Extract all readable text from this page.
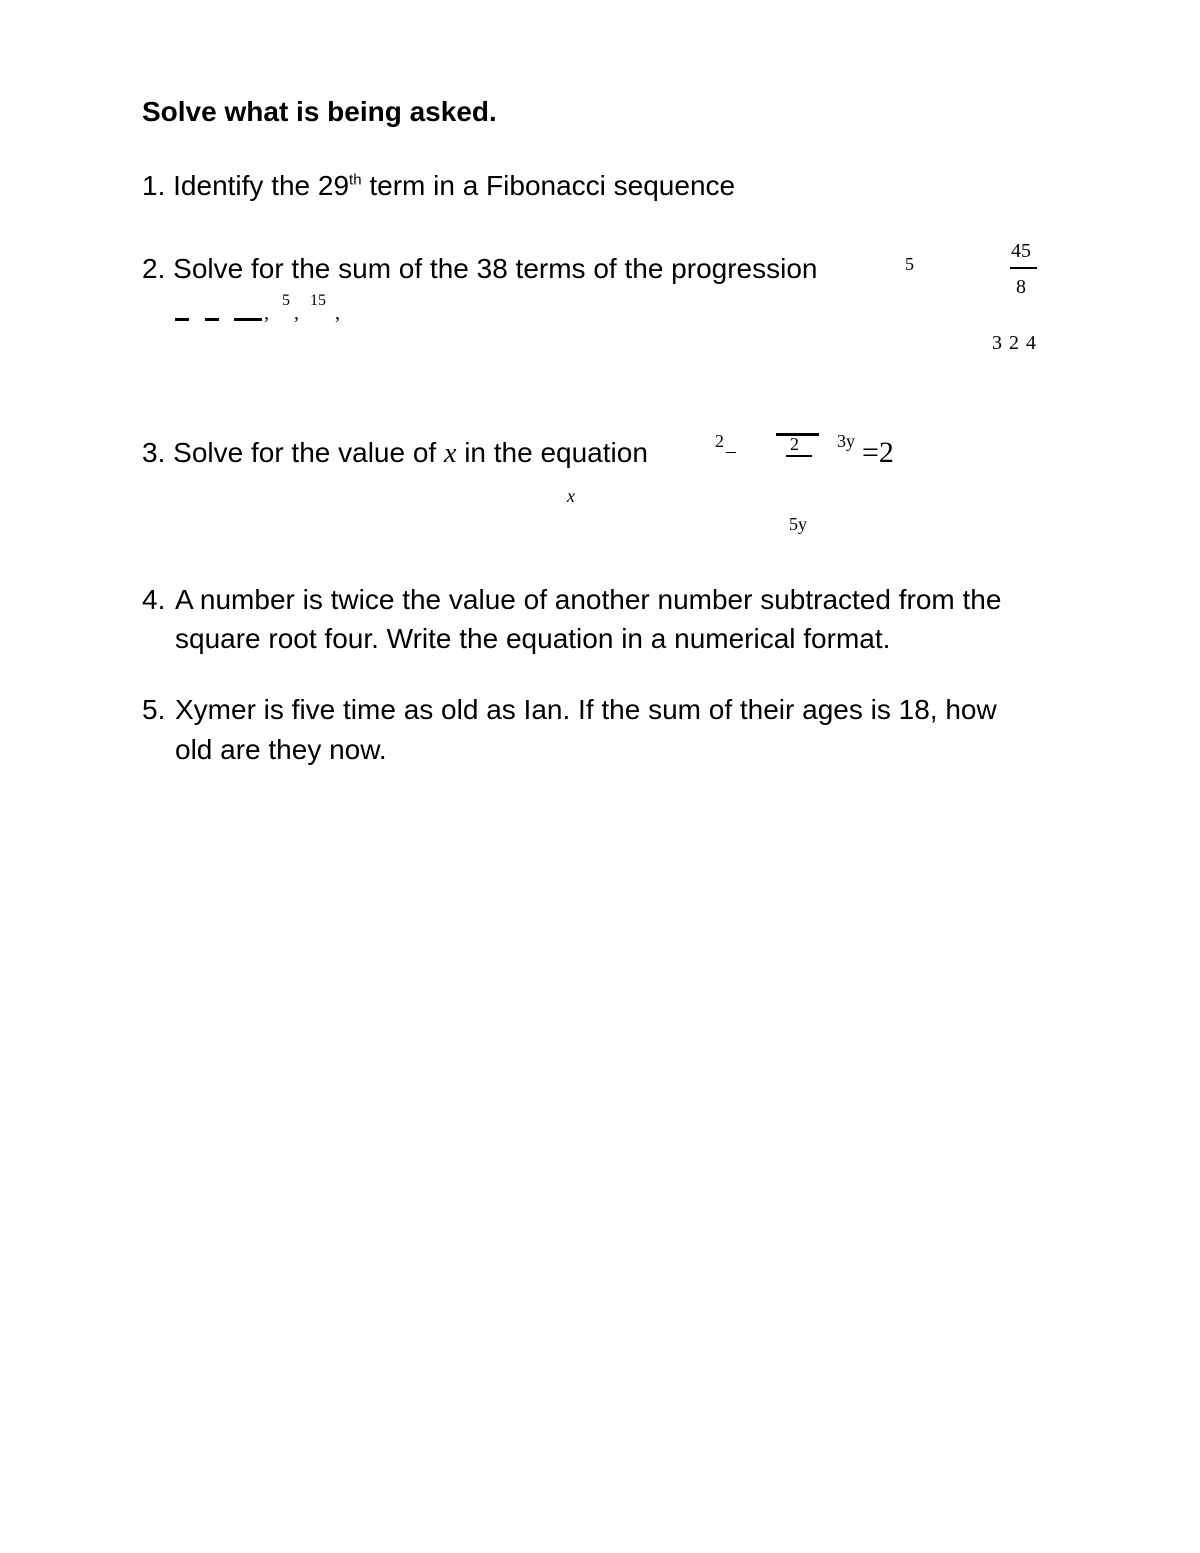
Solve what is being asked.
1. Identify the 29th term in a Fibonacci sequence
2. Solve for the sum of the 38 terms of the progression	5
45
8
,
5
,
15
,
3 2 4
3. Solve for the value of x in the equation	2 –	2 3y =2
x
5y
4. A number is twice the value of another number subtracted from the
square root four. Write the equation in a numerical format.
5. Xymer is five time as old as Ian. If the sum of their ages is 18, how
old are they now.
